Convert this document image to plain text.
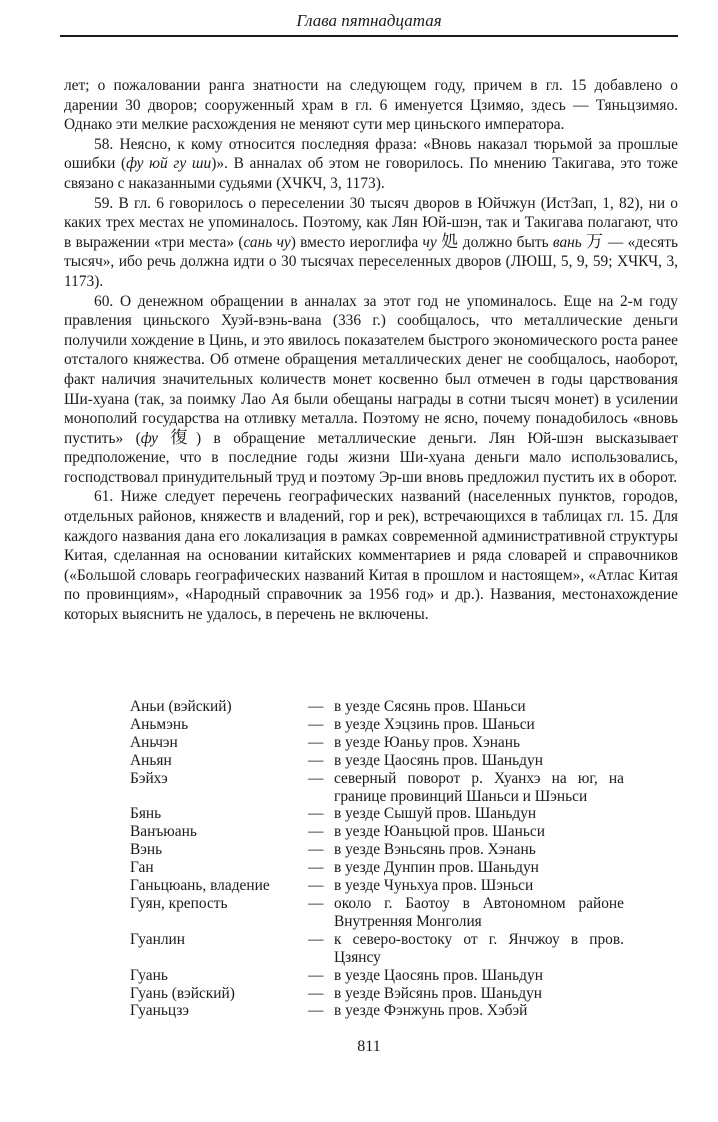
Глава пятнадцатая

лет; о пожаловании ранга знатности на следующем году, причем в гл. 15 добавлено о дарении 30 дворов; сооруженный храм в гл. 6 именуется Цзимяо, здесь — Тяньцзимяо. Однако эти мелкие расхождения не меняют сути мер циньского императора.

58. Неясно, к кому относится последняя фраза: «Вновь наказал тюрьмой за прошлые ошибки (фу юй гу ши)». В анналах об этом не говорилось. По мнению Такигава, это тоже связано с наказанными судьями (ХЧКЧ, 3, 1173).

59. В гл. 6 говорилось о переселении 30 тысяч дворов в Юйчжун (ИстЗап, 1, 82), ни о каких трех местах не упоминалось. Поэтому, как Лян Юй-шэн, так и Такигава полагают, что в выражении «три места» (сань чу) вместо иероглифа чу 処 должно быть вань 万 — «десять тысяч», ибо речь должна идти о 30 тысячах переселенных дворов (ЛЮШ, 5, 9, 59; ХЧКЧ, 3, 1173).

60. О денежном обращении в анналах за этот год не упоминалось. Еще на 2-м году правления циньского Хуэй-вэнь-вана (336 г.) сообщалось, что металлические деньги получили хождение в Цинь, и это явилось показателем быстрого экономического роста ранее отсталого княжества. Об отмене обращения металлических денег не сообщалось, наоборот, факт наличия значительных количеств монет косвенно был отмечен в годы царствования Ши-хуана (так, за поимку Лао Ая были обещаны награды в сотни тысяч монет) в усилении монополий государства на отливку металла. Поэтому не ясно, почему понадобилось «вновь пустить» (фу 復) в обращение металлические деньги. Лян Юй-шэн высказывает предположение, что в последние годы жизни Ши-хуана деньги мало использовались, господствовал принудительный труд и поэтому Эр-ши вновь предложил пустить их в оборот.

61. Ниже следует перечень географических названий (населенных пунктов, городов, отдельных районов, княжеств и владений, гор и рек), встречающихся в таблицах гл. 15. Для каждого названия дана его локализация в рамках современной административной структуры Китая, сделанная на основании китайских комментариев и ряда словарей и справочников («Большой словарь географических названий Китая в прошлом и настоящем», «Атлас Китая по провинциям», «Народный справочник за 1956 год» и др.). Названия, местонахождение которых выяснить не удалось, в перечень не включены.

Аньи (вэйский)	— в уезде Сясянь пров. Шаньси
Аньмэнь	— в уезде Хэцзинь пров. Шаньси
Аньчэн	— в уезде Юаньу пров. Хэнань
Аньян	— в уезде Цаосянь пров. Шаньдун
Бэйхэ	— северный поворот р. Хуанхэ на юг, на границе провинций Шаньси и Шэньси
Бянь	— в уезде Сышуй пров. Шаньдун
Ванъюань	— в уезде Юаньцюй пров. Шаньси
Вэнь	— в уезде Вэньсянь пров. Хэнань
Ган	— в уезде Дунпин пров. Шаньдун
Ганьцюань, владение	— в уезде Чуньхуа пров. Шэньси
Гуян, крепость	— около г. Баотоу в Автономном районе Внутренняя Монголия
Гуанлин	— к северо-востоку от г. Янчжоу в пров. Цзянсу
Гуань	— в уезде Цаосянь пров. Шаньдун
Гуань (вэйский)	— в уезде Вэйсянь пров. Шаньдун
Гуаньцзэ	— в уезде Фэнжунь пров. Хэбэй
811
